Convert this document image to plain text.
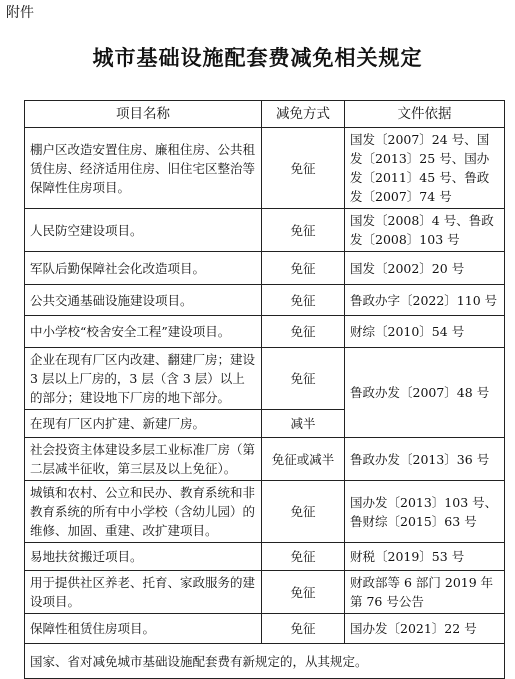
附件
城市基础设施配套费减免相关规定
项目名称	减免方式	文件依据
棚户区改造安置住房、廉租住房、公共租赁住房、经济适用住房、旧住宅区整治等保障性住房项目。	免征	国发〔2007〕24 号、国发〔2013〕25 号、国办发〔2011〕45 号、鲁政发〔2007〕74 号
人民防空建设项目。	免征	国发〔2008〕4 号、鲁政发〔2008〕103 号
军队后勤保障社会化改造项目。	免征	国发〔2002〕20 号
公共交通基础设施建设项目。	免征	鲁政办字〔2022〕110 号
中小学校“校舍安全工程”建设项目。	免征	财综〔2010〕54 号
企业在现有厂区内改建、翻建厂房；建设 3 层以上厂房的，3 层（含 3 层）以上的部分；建设地下厂房的地下部分。	免征	鲁政办发〔2007〕48 号
在现有厂区内扩建、新建厂房。	减半	
社会投资主体建设多层工业标准厂房（第二层减半征收，第三层及以上免征）。	免征或减半	鲁政办发〔2013〕36 号
城镇和农村、公立和民办、教育系统和非教育系统的所有中小学校（含幼儿园）的维修、加固、重建、改扩建项目。	免征	国办发〔2013〕103 号、鲁财综〔2015〕63 号
易地扶贫搬迁项目。	免征	财税〔2019〕53 号
用于提供社区养老、托育、家政服务的建设项目。	免征	财政部等 6 部门 2019 年第 76 号公告
保障性租赁住房项目。	免征	国办发〔2021〕22 号
国家、省对减免城市基础设施配套费有新规定的，从其规定。		
